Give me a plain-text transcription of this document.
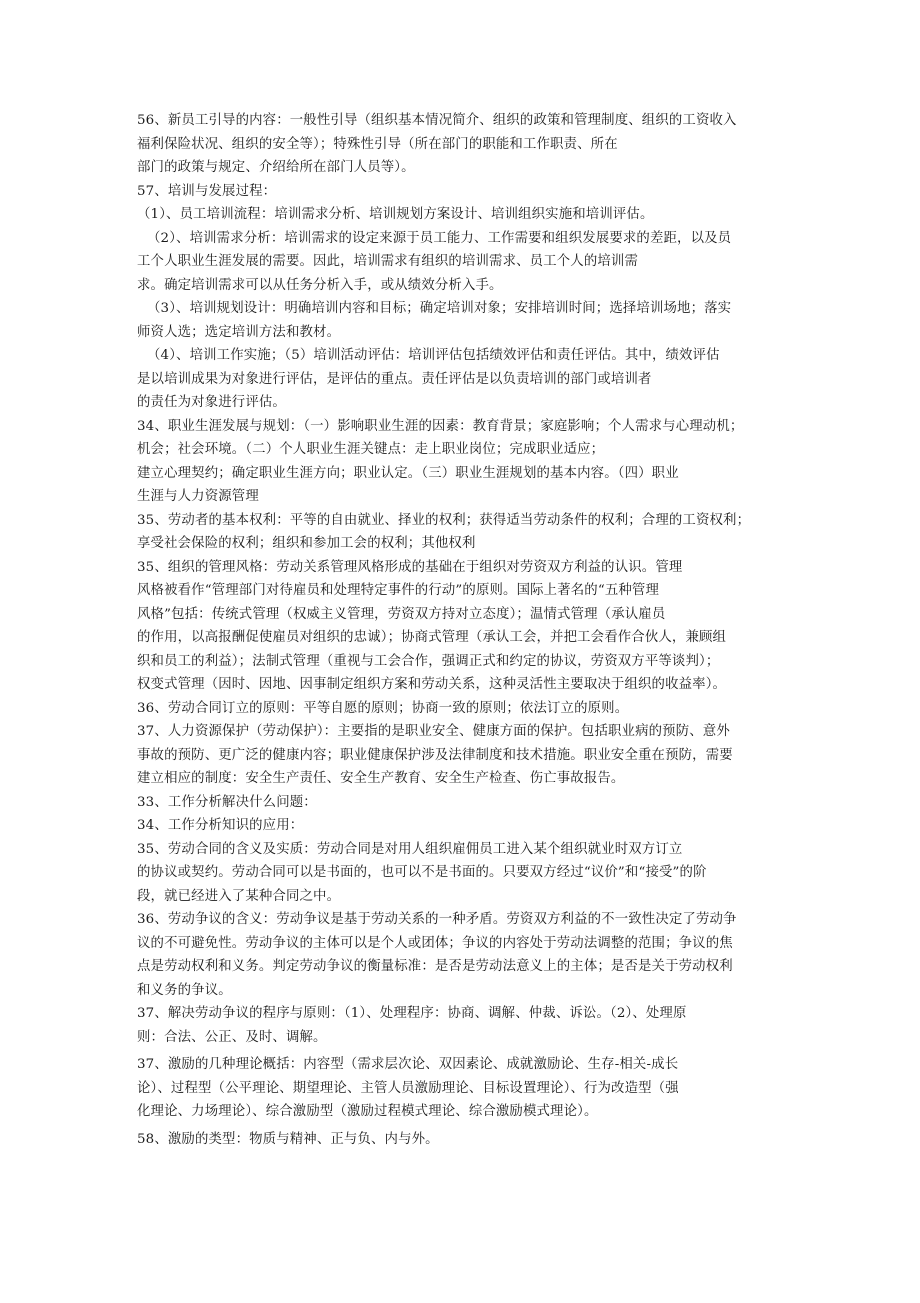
56、新员工引导的内容：一般性引导（组织基本情况简介、组织的政策和管理制度、组织的工资收入
福利保险状况、组织的安全等）；特殊性引导（所在部门的职能和工作职责、所在
部门的政策与规定、介绍给所在部门人员等）。
57、培训与发展过程：
（1）、员工培训流程：培训需求分析、培训规划方案设计、培训组织实施和培训评估。
（2）、培训需求分析：培训需求的设定来源于员工能力、工作需要和组织发展要求的差距，以及员
工个人职业生涯发展的需要。因此，培训需求有组织的培训需求、员工个人的培训需
求。确定培训需求可以从任务分析入手，或从绩效分析入手。
（3）、培训规划设计：明确培训内容和目标；确定培训对象；安排培训时间；选择培训场地；落实
师资人选；选定培训方法和教材。
（4）、培训工作实施；（5）培训活动评估：培训评估包括绩效评估和责任评估。其中，绩效评估
是以培训成果为对象进行评估，是评估的重点。责任评估是以负责培训的部门或培训者
的责任为对象进行评估。
34、职业生涯发展与规划：（一）影响职业生涯的因素：教育背景；家庭影响；个人需求与心理动机；
机会；社会环境。（二）个人职业生涯关键点：走上职业岗位；完成职业适应；
建立心理契约；确定职业生涯方向；职业认定。（三）职业生涯规划的基本内容。（四）职业
生涯与人力资源管理
35、劳动者的基本权利：平等的自由就业、择业的权利；获得适当劳动条件的权利；合理的工资权利；
享受社会保险的权利；组织和参加工会的权利；其他权利
35、组织的管理风格：劳动关系管理风格形成的基础在于组织对劳资双方利益的认识。管理
风格被看作“管理部门对待雇员和处理特定事件的行动”的原则。国际上著名的“五种管理
风格”包括：传统式管理（权威主义管理，劳资双方持对立态度）；温情式管理（承认雇员
的作用，以高报酬促使雇员对组织的忠诚）；协商式管理（承认工会，并把工会看作合伙人，兼顾组
织和员工的利益）；法制式管理（重视与工会合作，强调正式和约定的协议，劳资双方平等谈判）；
权变式管理（因时、因地、因事制定组织方案和劳动关系，这种灵活性主要取决于组织的收益率）。
36、劳动合同订立的原则：平等自愿的原则；协商一致的原则；依法订立的原则。
37、人力资源保护（劳动保护）：主要指的是职业安全、健康方面的保护。包括职业病的预防、意外
事故的预防、更广泛的健康内容；职业健康保护涉及法律制度和技术措施。职业安全重在预防，需要
建立相应的制度：安全生产责任、安全生产教育、安全生产检查、伤亡事故报告。
33、工作分析解决什么问题：
34、工作分析知识的应用：
35、劳动合同的含义及实质：劳动合同是对用人组织雇佣员工进入某个组织就业时双方订立
的协议或契约。劳动合同可以是书面的，也可以不是书面的。只要双方经过“议价”和“接受”的阶
段，就已经进入了某种合同之中。
36、劳动争议的含义：劳动争议是基于劳动关系的一种矛盾。劳资双方利益的不一致性决定了劳动争
议的不可避免性。劳动争议的主体可以是个人或团体；争议的内容处于劳动法调整的范围；争议的焦
点是劳动权利和义务。判定劳动争议的衡量标准：是否是劳动法意义上的主体；是否是关于劳动权利
和义务的争议。
37、解决劳动争议的程序与原则：（1）、处理程序：协商、调解、仲裁、诉讼。（2）、处理原
则：合法、公正、及时、调解。
37、激励的几种理论概括：内容型（需求层次论、双因素论、成就激励论、生存-相关-成长
论）、过程型（公平理论、期望理论、主管人员激励理论、目标设置理论）、行为改造型（强
化理论、力场理论）、综合激励型（激励过程模式理论、综合激励模式理论）。
58、激励的类型：物质与精神、正与负、内与外。
